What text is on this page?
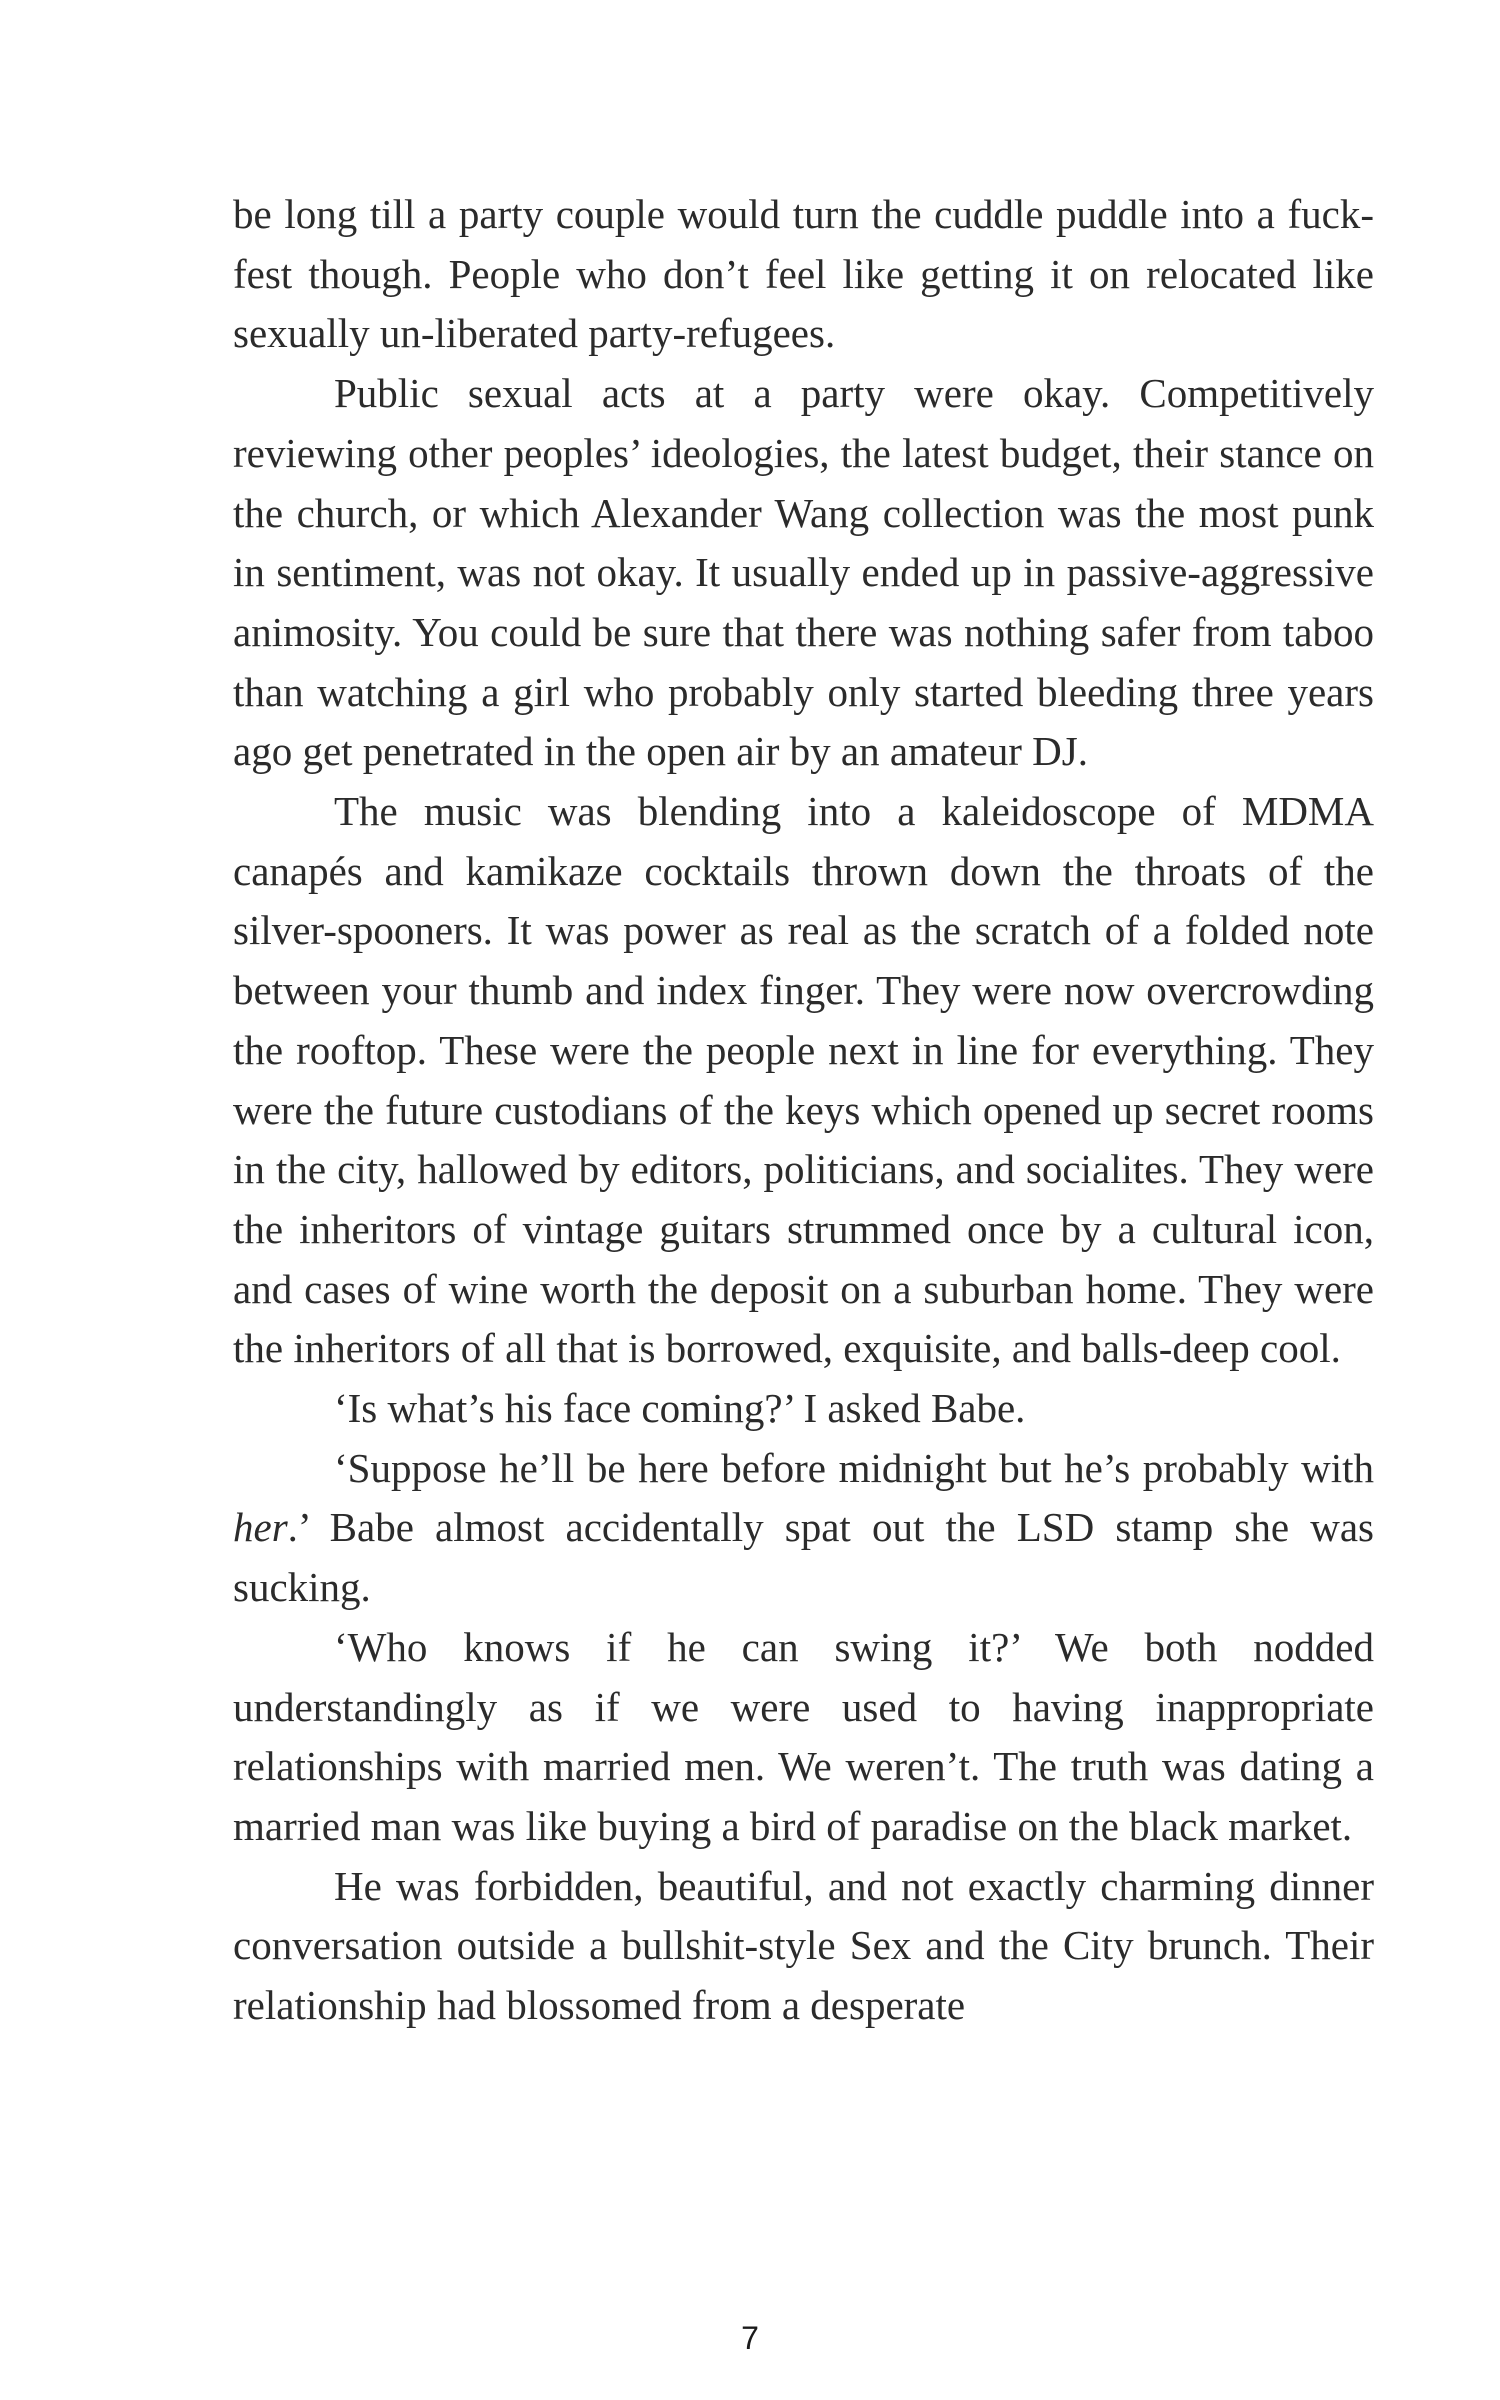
be long till a party couple would turn the cuddle puddle into a fuck-fest though. People who don’t feel like getting it on relocated like sexually un-liberated party-refugees.

Public sexual acts at a party were okay. Competitively reviewing other peoples’ ideologies, the latest budget, their stance on the church, or which Alexander Wang collection was the most punk in sentiment, was not okay. It usually ended up in passive-aggressive animosity. You could be sure that there was nothing safer from taboo than watching a girl who probably only started bleeding three years ago get penetrated in the open air by an amateur DJ.

The music was blending into a kaleidoscope of MDMA canapés and kamikaze cocktails thrown down the throats of the silver-spooners. It was power as real as the scratch of a folded note between your thumb and index finger. They were now overcrowding the rooftop. These were the people next in line for everything. They were the future custodians of the keys which opened up secret rooms in the city, hallowed by editors, politicians, and socialites. They were the inheritors of vintage guitars strummed once by a cultural icon, and cases of wine worth the deposit on a suburban home. They were the inheritors of all that is borrowed, exquisite, and balls-deep cool.

‘Is what’s his face coming?’ I asked Babe.

‘Suppose he’ll be here before midnight but he’s probably with her.’ Babe almost accidentally spat out the LSD stamp she was sucking.

‘Who knows if he can swing it?’ We both nodded understandingly as if we were used to having inappropriate relationships with married men. We weren’t. The truth was dating a married man was like buying a bird of paradise on the black market.

He was forbidden, beautiful, and not exactly charming dinner conversation outside a bullshit-style Sex and the City brunch. Their relationship had blossomed from a desperate

7
